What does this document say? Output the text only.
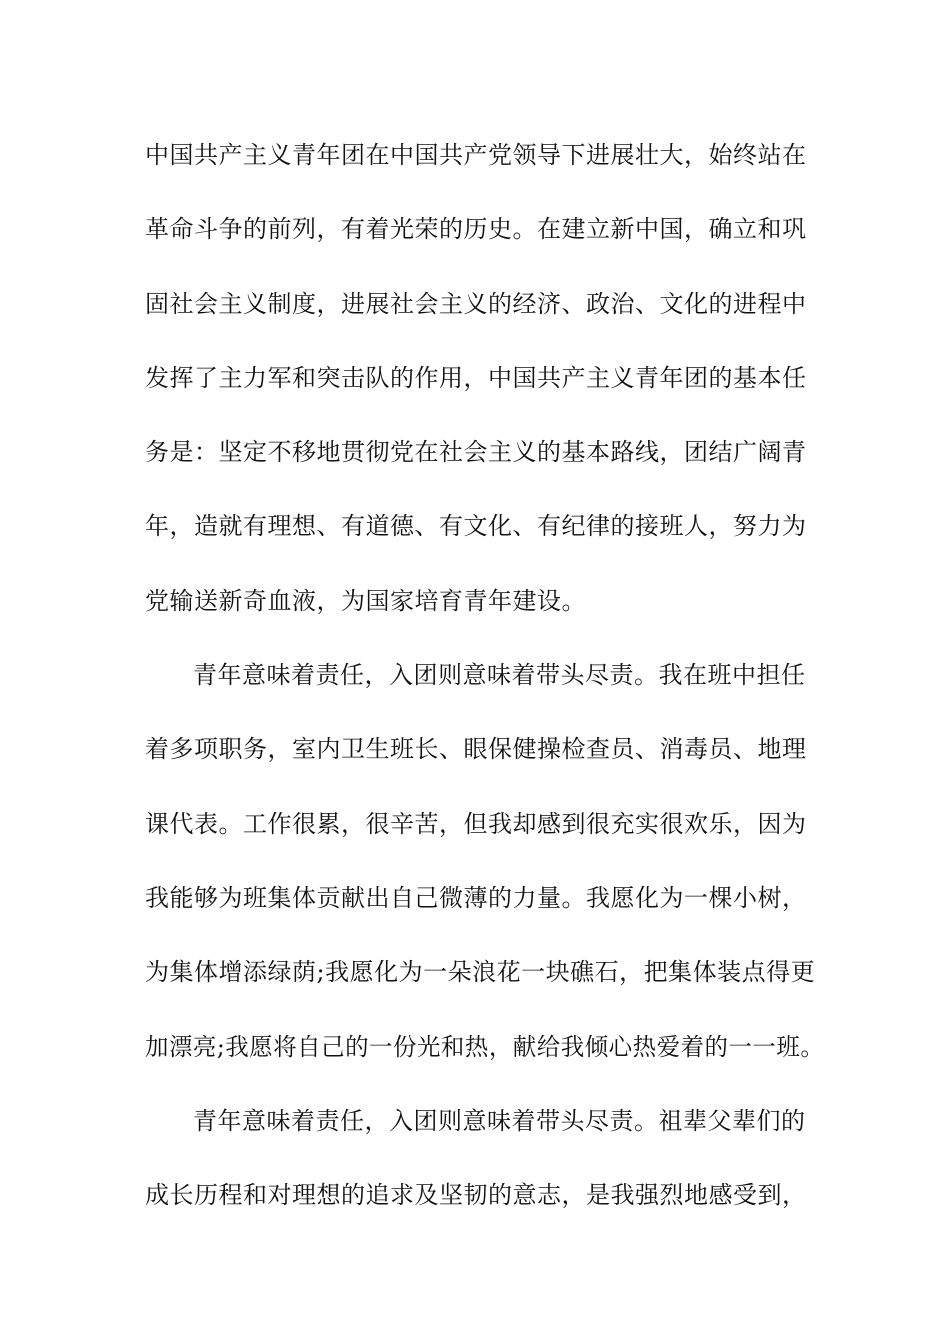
中国共产主义青年团在中国共产党领导下进展壮大，始终站在
革命斗争的前列，有着光荣的历史。在建立新中国，确立和巩
固社会主义制度，进展社会主义的经济、政治、文化的进程中
发挥了主力军和突击队的作用，中国共产主义青年团的基本任
务是：坚定不移地贯彻党在社会主义的基本路线，团结广阔青
年，造就有理想、有道德、有文化、有纪律的接班人，努力为
党输送新奇血液，为国家培育青年建设。
青年意味着责任，入团则意味着带头尽责。我在班中担任
着多项职务，室内卫生班长、眼保健操检查员、消毒员、地理
课代表。工作很累，很辛苦，但我却感到很充实很欢乐，因为
我能够为班集体贡献出自己微薄的力量。我愿化为一棵小树，
为集体增添绿荫;我愿化为一朵浪花一块礁石，把集体装点得更
加漂亮;我愿将自己的一份光和热，献给我倾心热爱着的一一班。
青年意味着责任，入团则意味着带头尽责。祖辈父辈们的
成长历程和对理想的追求及坚韧的意志，是我强烈地感受到，
